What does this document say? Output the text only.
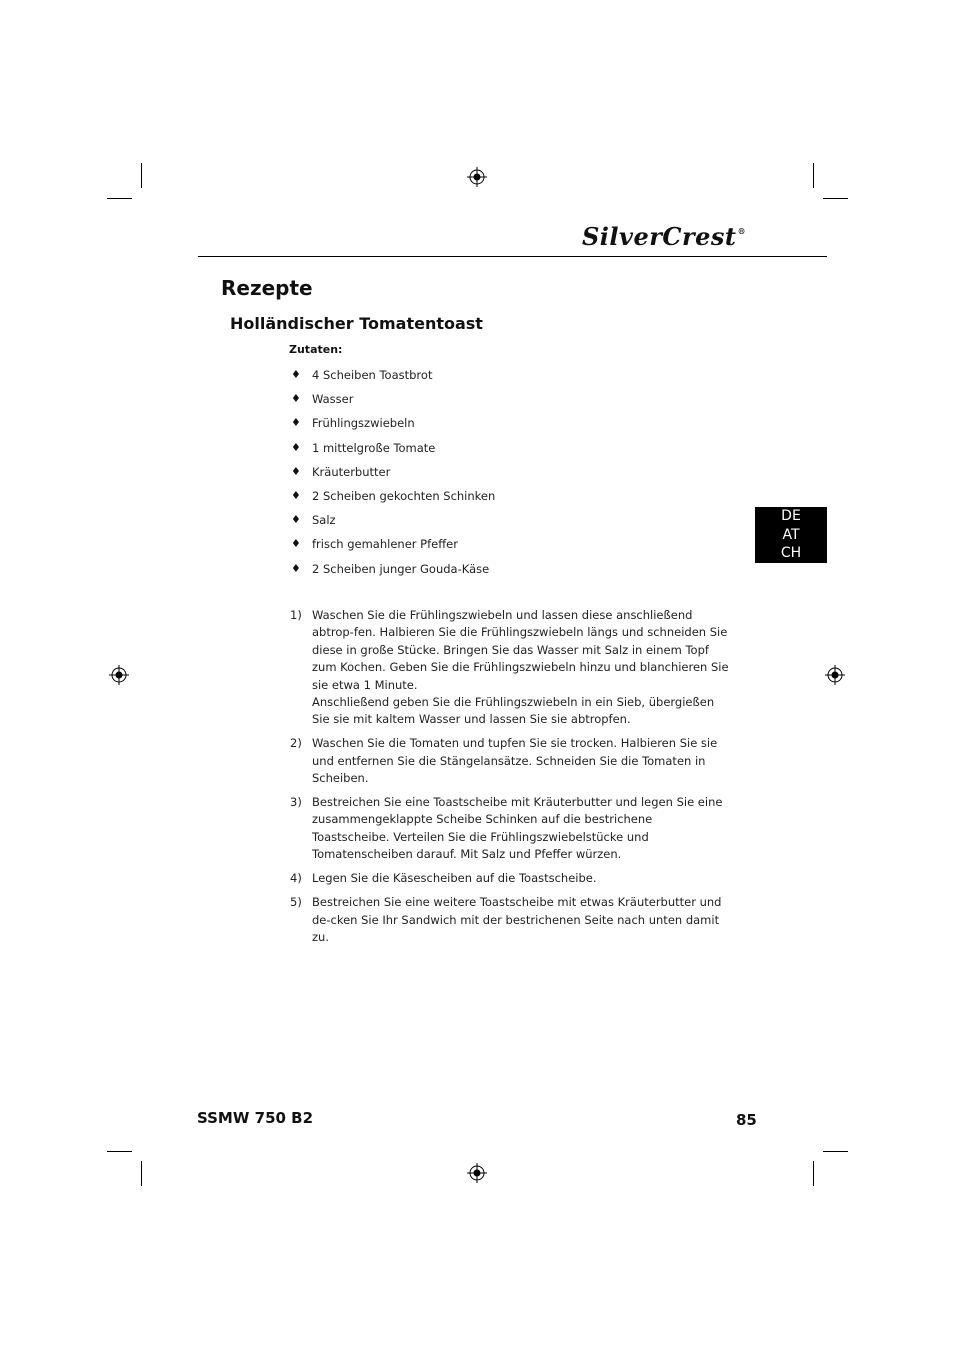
SilverCrest®
Rezepte
Holländischer Tomatentoast
Zutaten:
♦ 4 Scheiben Toastbrot
♦ Wasser
♦ Frühlingszwiebeln
♦ 1 mittelgroße Tomate
♦ Kräuterbutter
♦ 2 Scheiben gekochten Schinken
♦ Salz
♦ frisch gemahlener Pfeffer
♦ 2 Scheiben junger Gouda-Käse
1) Waschen Sie die Frühlingszwiebeln und lassen diese anschließend abtrop-fen. Halbieren Sie die Frühlingszwiebeln längs und schneiden Sie diese in große Stücke. Bringen Sie das Wasser mit Salz in einem Topf zum Kochen. Geben Sie die Frühlingszwiebeln hinzu und blanchieren Sie sie etwa 1 Minute.

Anschließend geben Sie die Frühlingszwiebeln in ein Sieb, übergießen Sie sie mit kaltem Wasser und lassen Sie sie abtropfen.

2) Waschen Sie die Tomaten und tupfen Sie sie trocken. Halbieren Sie sie und entfernen Sie die Stängelansätze. Schneiden Sie die Tomaten in Scheiben.

3) Bestreichen Sie eine Toastscheibe mit Kräuterbutter und legen Sie eine zusammengeklappte Scheibe Schinken auf die bestrichene Toastscheibe. Verteilen Sie die Frühlingszwiebelstücke und Tomatenscheiben darauf. Mit Salz und Pfeffer würzen.

4) Legen Sie die Käsescheiben auf die Toastscheibe.

5) Bestreichen Sie eine weitere Toastscheibe mit etwas Kräuterbutter und de-cken Sie Ihr Sandwich mit der bestrichenen Seite nach unten damit zu.

DE
AT
CH
SSMW 750 B2	85
